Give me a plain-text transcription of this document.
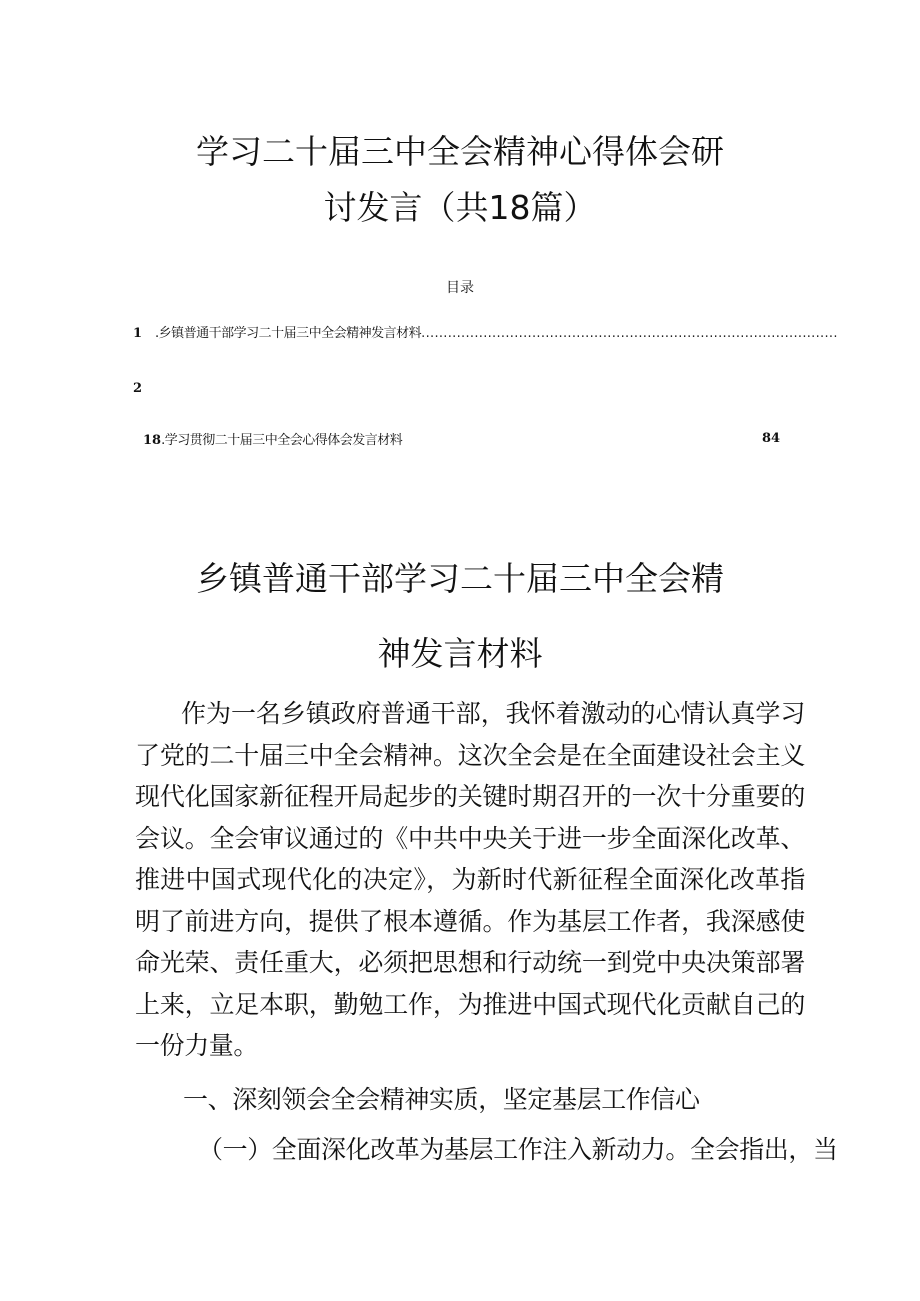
学习二十届三中全会精神心得体会研
讨发言（共18篇）
目录
1 .乡镇普通干部学习二十届三中全会精神发言材料..............................................................................................
2
18.学习贯彻二十届三中全会心得体会发言材料	84
乡镇普通干部学习二十届三中全会精
神发言材料
作为一名乡镇政府普通干部，我怀着激动的心情认真学习了党的二十届三中全会精神。这次全会是在全面建设社会主义现代化国家新征程开局起步的关键时期召开的一次十分重要的会议。全会审议通过的《中共中央关于进一步全面深化改革、推进中国式现代化的决定》，为新时代新征程全面深化改革指明了前进方向，提供了根本遵循。作为基层工作者，我深感使命光荣、责任重大，必须把思想和行动统一到党中央决策部署上来，立足本职，勤勉工作，为推进中国式现代化贡献自己的一份力量。
一、深刻领会全会精神实质，坚定基层工作信心
（一）全面深化改革为基层工作注入新动力。全会指出，当
